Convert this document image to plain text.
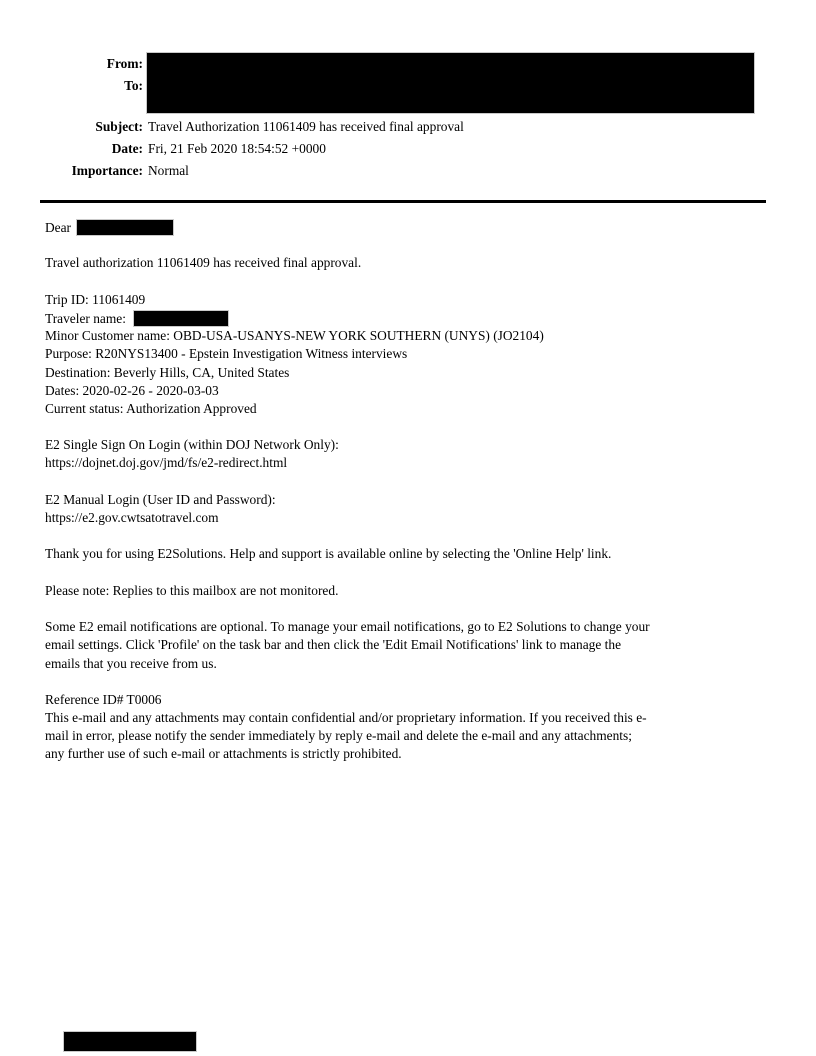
From:
To:
Subject: Travel Authorization 11061409 has received final approval
Date: Fri, 21 Feb 2020 18:54:52 +0000
Importance: Normal
Dear
Travel authorization 11061409 has received final approval.
Trip ID: 11061409
Traveler name:
Minor Customer name: OBD-USA-USANYS-NEW YORK SOUTHERN (UNYS) (JO2104)
Purpose: R20NYS13400 - Epstein Investigation Witness interviews
Destination: Beverly Hills, CA, United States
Dates: 2020-02-26 - 2020-03-03
Current status: Authorization Approved
E2 Single Sign On Login (within DOJ Network Only):
https://dojnet.doj.gov/jmd/fs/e2-redirect.html
E2 Manual Login (User ID and Password):
https://e2.gov.cwtsatotravel.com
Thank you for using E2Solutions. Help and support is available online by selecting the 'Online Help' link.
Please note: Replies to this mailbox are not monitored.
Some E2 email notifications are optional. To manage your email notifications, go to E2 Solutions to change your
email settings. Click 'Profile' on the task bar and then click the 'Edit Email Notifications' link to manage the
emails that you receive from us.
Reference ID# T0006
This e-mail and any attachments may contain confidential and/or proprietary information. If you received this e-
mail in error, please notify the sender immediately by reply e-mail and delete the e-mail and any attachments;
any further use of such e-mail or attachments is strictly prohibited.
